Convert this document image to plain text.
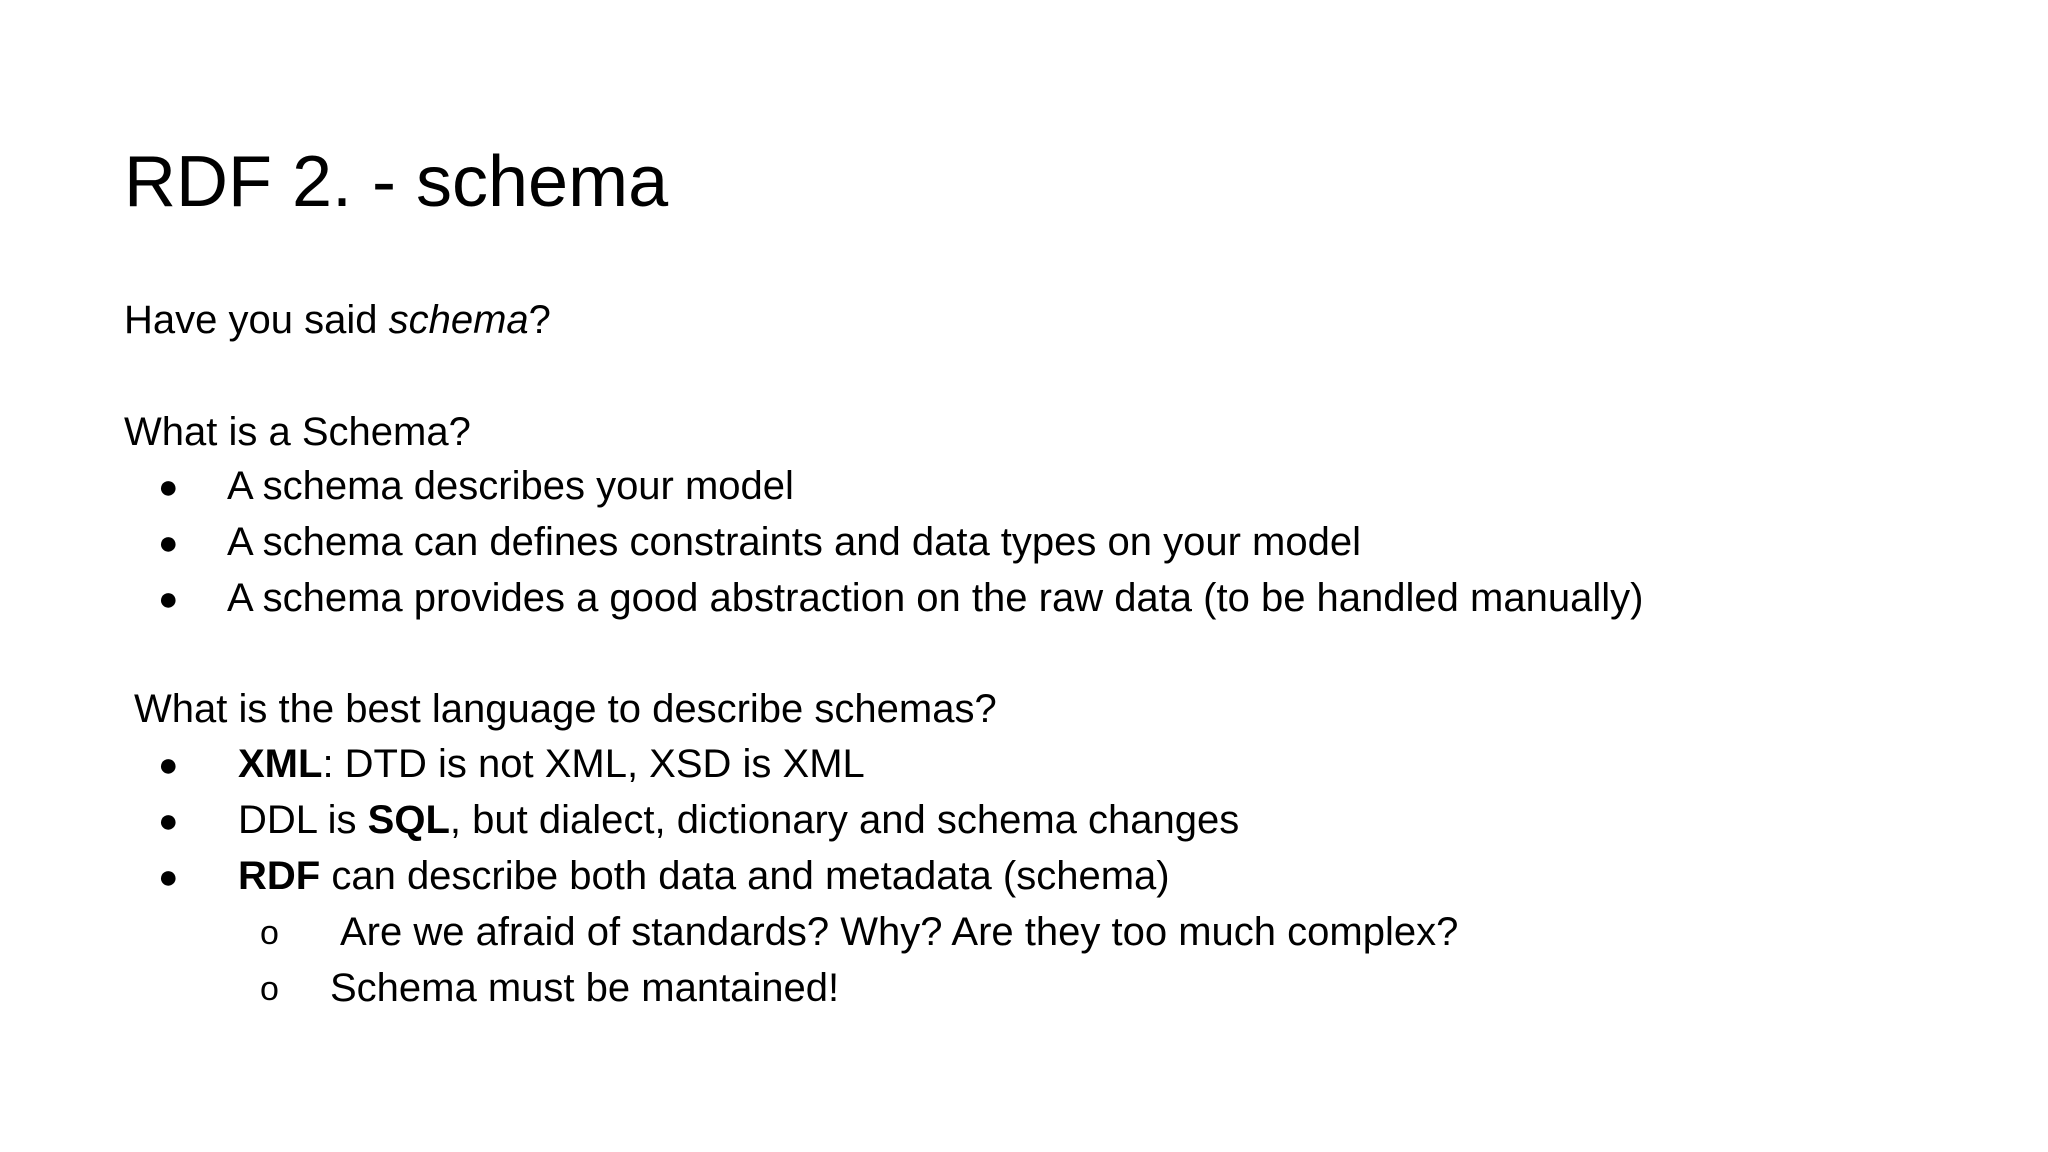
RDF 2. - schema
Have you said schema?
What is a Schema?
● A schema describes your model
● A schema can defines constraints and data types on your model
● A schema provides a good abstraction on the raw data (to be handled manually)
What is the best language to describe schemas?
● XML: DTD is not XML, XSD is XML
● DDL is SQL, but dialect, dictionary and schema changes
● RDF can describe both data and metadata (schema)
o Are we afraid of standards? Why? Are they too much complex?
o Schema must be mantained!
